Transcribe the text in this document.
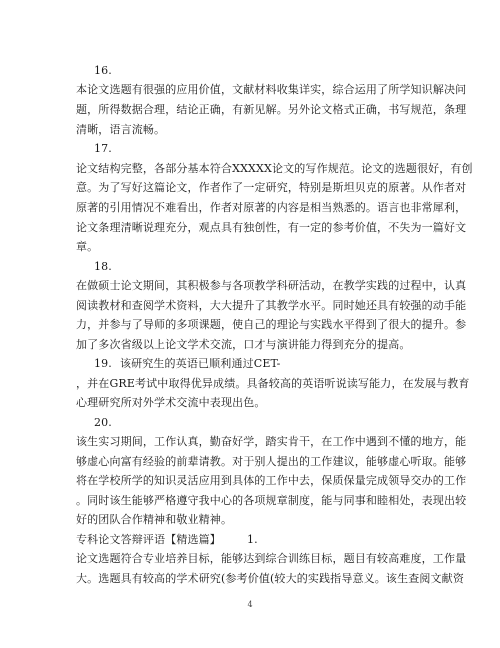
16.
本论文选题有很强的应用价值，文献材料收集详实，综合运用了所学知识解决问
题，所得数据合理，结论正确，有新见解。另外论文格式正确，书写规范，条理
清晰，语言流畅。
17.
论文结构完整，各部分基本符合XXXXX论文的写作规范。论文的选题很好，有创
意。为了写好这篇论文，作者作了一定研究，特别是斯坦贝克的原著。从作者对
原著的引用情况不难看出，作者对原著的内容是相当熟悉的。语言也非常犀利，
论文条理清晰说理充分，观点具有独创性，有一定的参考价值，不失为一篇好文
章。
18.
在做硕士论文期间，其积极参与各项教学科研活动，在教学实践的过程中，认真
阅读教材和查阅学术资料，大大提升了其教学水平。同时她还具有较强的动手能
力，并参与了导师的多项课题，使自己的理论与实践水平得到了很大的提升。参
加了多次省级以上论文学术交流，口才与演讲能力得到充分的提高。
19. 该研究生的英语已顺利通过CET-
，并在GRE考试中取得优异成绩。具备较高的英语听说读写能力，在发展与教育
心理研究所对外学术交流中表现出色。
20.
该生实习期间，工作认真，勤奋好学，踏实肯干，在工作中遇到不懂的地方，能
够虚心向富有经验的前辈请教。对于别人提出的工作建议，能够虚心听取。能够
将在学校所学的知识灵活应用到具体的工作中去，保质保量完成领导交办的工作
。同时该生能够严格遵守我中心的各项规章制度，能与同事和睦相处，表现出较
好的团队合作精神和敬业精神。
专科论文答辩评语【精选篇】 1.
论文选题符合专业培养目标，能够达到综合训练目标，题目有较高难度，工作量
大。选题具有较高的学术研究(参考价值(较大的实践指导意义。该生查阅文献资
4
